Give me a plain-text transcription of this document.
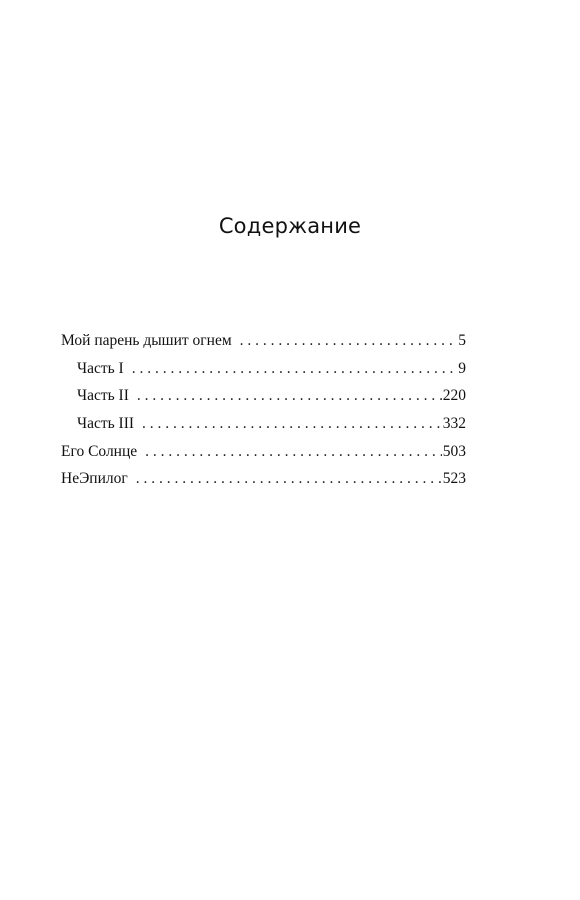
Содержание
Мой парень дышит огнем . . .	5
Часть I . . .	9
Часть II . . .	220
Часть III . . .	332
Его Солнце . . .	503
НеЭпилог . . .	523
